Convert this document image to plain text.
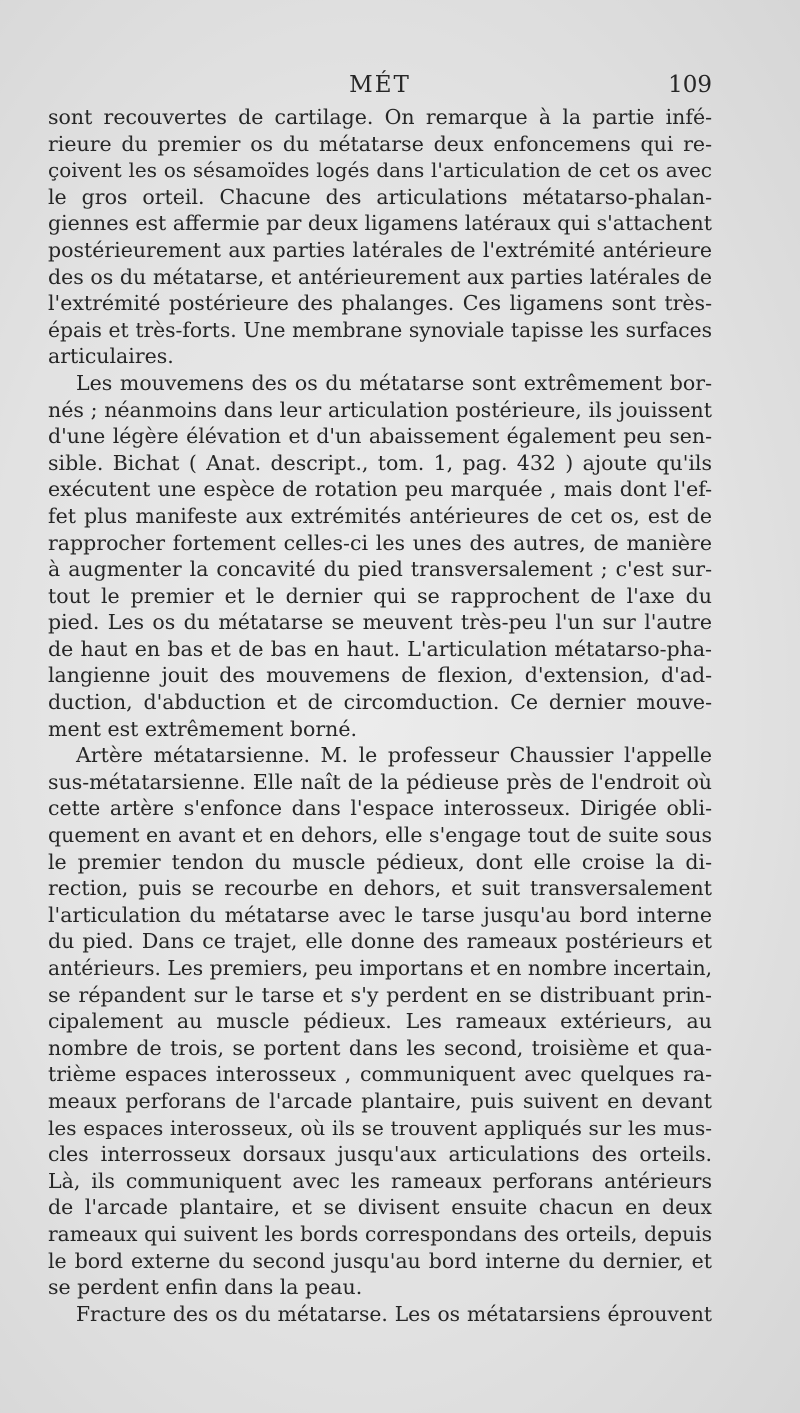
MÉT	109

sont recouvertes de cartilage. On remarque à la partie infé-
rieure du premier os du métatarse deux enfoncemens qui re-
çoivent les os sésamoïdes logés dans l'articulation de cet os avec
le gros orteil. Chacune des articulations métatarso-phalan-
giennes est affermie par deux ligamens latéraux qui s'attachent
postérieurement aux parties latérales de l'extrémité antérieure
des os du métatarse, et antérieurement aux parties latérales de
l'extrémité postérieure des phalanges. Ces ligamens sont très-
épais et très-forts. Une membrane synoviale tapisse les surfaces
articulaires.

Les mouvemens des os du métatarse sont extrêmement bor-
nés ; néanmoins dans leur articulation postérieure, ils jouissent
d'une légère élévation et d'un abaissement également peu sen-
sible. Bichat ( Anat. descript., tom. 1, pag. 432 ) ajoute qu'ils
exécutent une espèce de rotation peu marquée , mais dont l'ef-
fet plus manifeste aux extrémités antérieures de cet os, est de
rapprocher fortement celles-ci les unes des autres, de manière
à augmenter la concavité du pied transversalement ; c'est sur-
tout le premier et le dernier qui se rapprochent de l'axe du
pied. Les os du métatarse se meuvent très-peu l'un sur l'autre
de haut en bas et de bas en haut. L'articulation métatarso-pha-
langienne jouit des mouvemens de flexion, d'extension, d'ad-
duction, d'abduction et de circomduction. Ce dernier mouve-
ment est extrêmement borné.

Artère métatarsienne. M. le professeur Chaussier l'appelle
sus-métatarsienne. Elle naît de la pédieuse près de l'endroit où
cette artère s'enfonce dans l'espace interosseux. Dirigée obli-
quement en avant et en dehors, elle s'engage tout de suite sous
le premier tendon du muscle pédieux, dont elle croise la di-
rection, puis se recourbe en dehors, et suit transversalement
l'articulation du métatarse avec le tarse jusqu'au bord interne
du pied. Dans ce trajet, elle donne des rameaux postérieurs et
antérieurs. Les premiers, peu importans et en nombre incertain,
se répandent sur le tarse et s'y perdent en se distribuant prin-
cipalement au muscle pédieux. Les rameaux extérieurs, au
nombre de trois, se portent dans les second, troisième et qua-
trième espaces interosseux , communiquent avec quelques ra-
meaux perforans de l'arcade plantaire, puis suivent en devant
les espaces interosseux, où ils se trouvent appliqués sur les mus-
cles interrosseux dorsaux jusqu'aux articulations des orteils.
Là, ils communiquent avec les rameaux perforans antérieurs
de l'arcade plantaire, et se divisent ensuite chacun en deux
rameaux qui suivent les bords correspondans des orteils, depuis
le bord externe du second jusqu'au bord interne du dernier, et
se perdent enfin dans la peau.

Fracture des os du métatarse. Les os métatarsiens éprouvent
